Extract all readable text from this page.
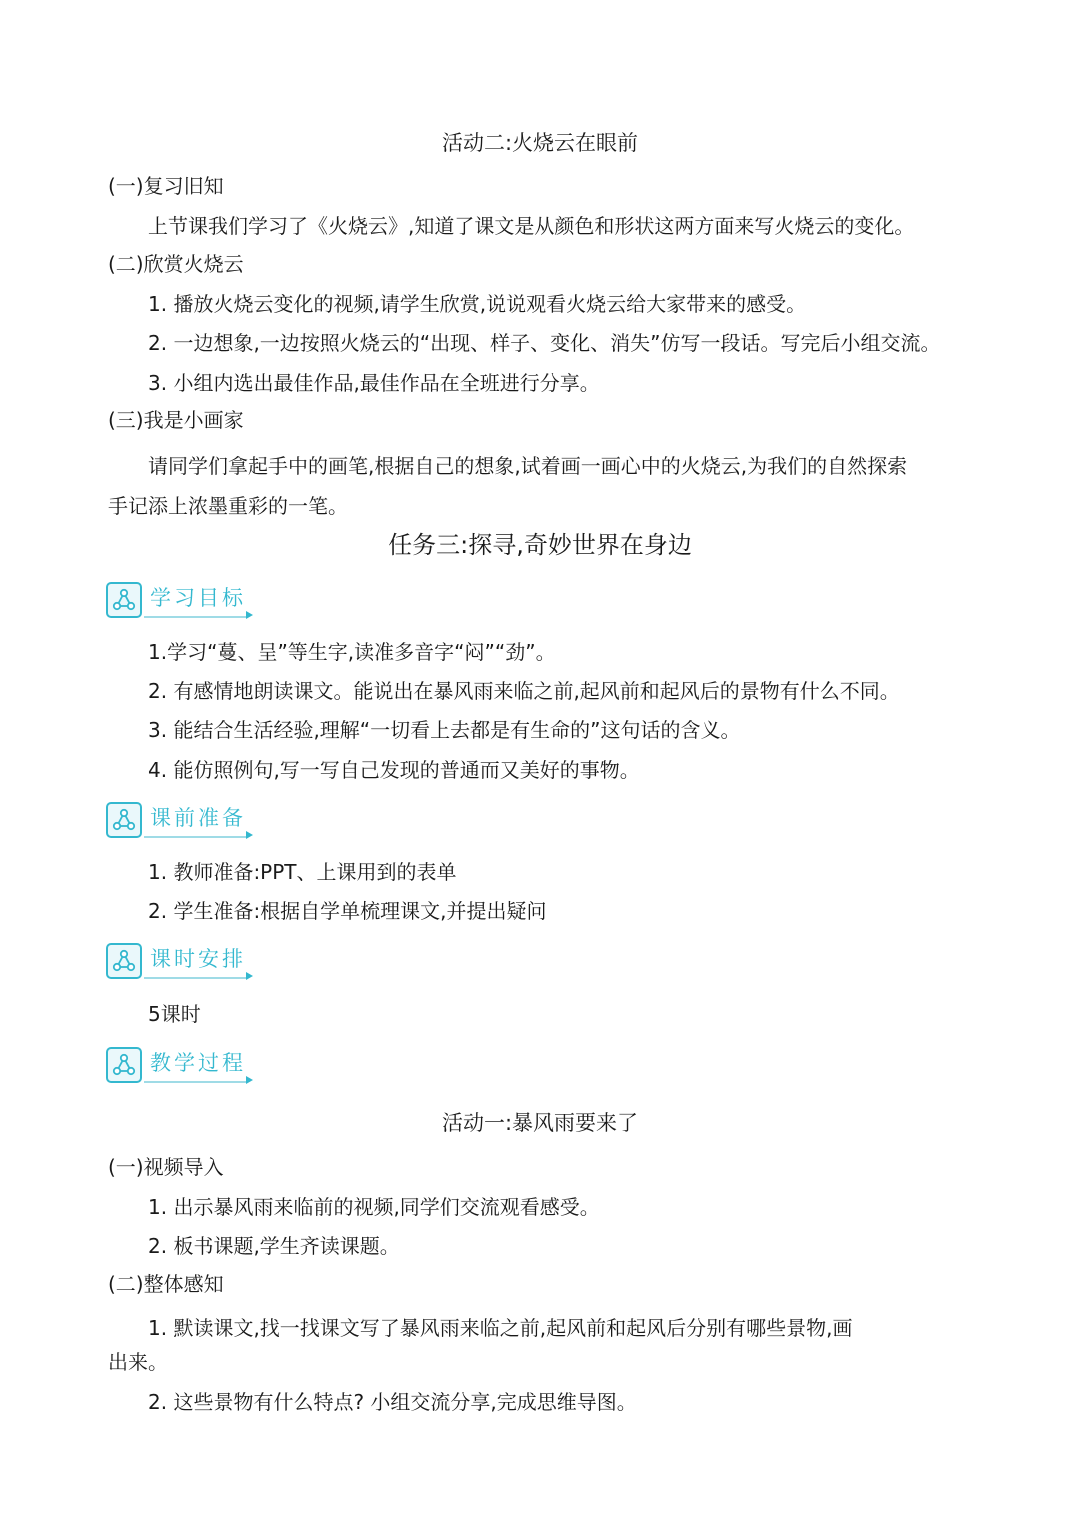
活动二:火烧云在眼前
(一)复习旧知
上节课我们学习了《火烧云》,知道了课文是从颜色和形状这两方面来写火烧云的变化。
(二)欣赏火烧云
1. 播放火烧云变化的视频,请学生欣赏,说说观看火烧云给大家带来的感受。
2. 一边想象,一边按照火烧云的“出现、样子、变化、消失”仿写一段话。写完后小组交流。
3. 小组内选出最佳作品,最佳作品在全班进行分享。
(三)我是小画家
请同学们拿起手中的画笔,根据自己的想象,试着画一画心中的火烧云,为我们的自然探索
手记添上浓墨重彩的一笔。
任务三:探寻,奇妙世界在身边
学习目标
1.学习“蔓、呈”等生字,读准多音字“闷”“劲”。
2. 有感情地朗读课文。能说出在暴风雨来临之前,起风前和起风后的景物有什么不同。
3. 能结合生活经验,理解“一切看上去都是有生命的”这句话的含义。
4. 能仿照例句,写一写自己发现的普通而又美好的事物。
课前准备
1. 教师准备:PPT、上课用到的表单
2. 学生准备:根据自学单梳理课文,并提出疑问
课时安排
5课时
教学过程
活动一:暴风雨要来了
(一)视频导入
1. 出示暴风雨来临前的视频,同学们交流观看感受。
2. 板书课题,学生齐读课题。
(二)整体感知
1. 默读课文,找一找课文写了暴风雨来临之前,起风前和起风后分别有哪些景物,画
出来。
2. 这些景物有什么特点? 小组交流分享,完成思维导图。
